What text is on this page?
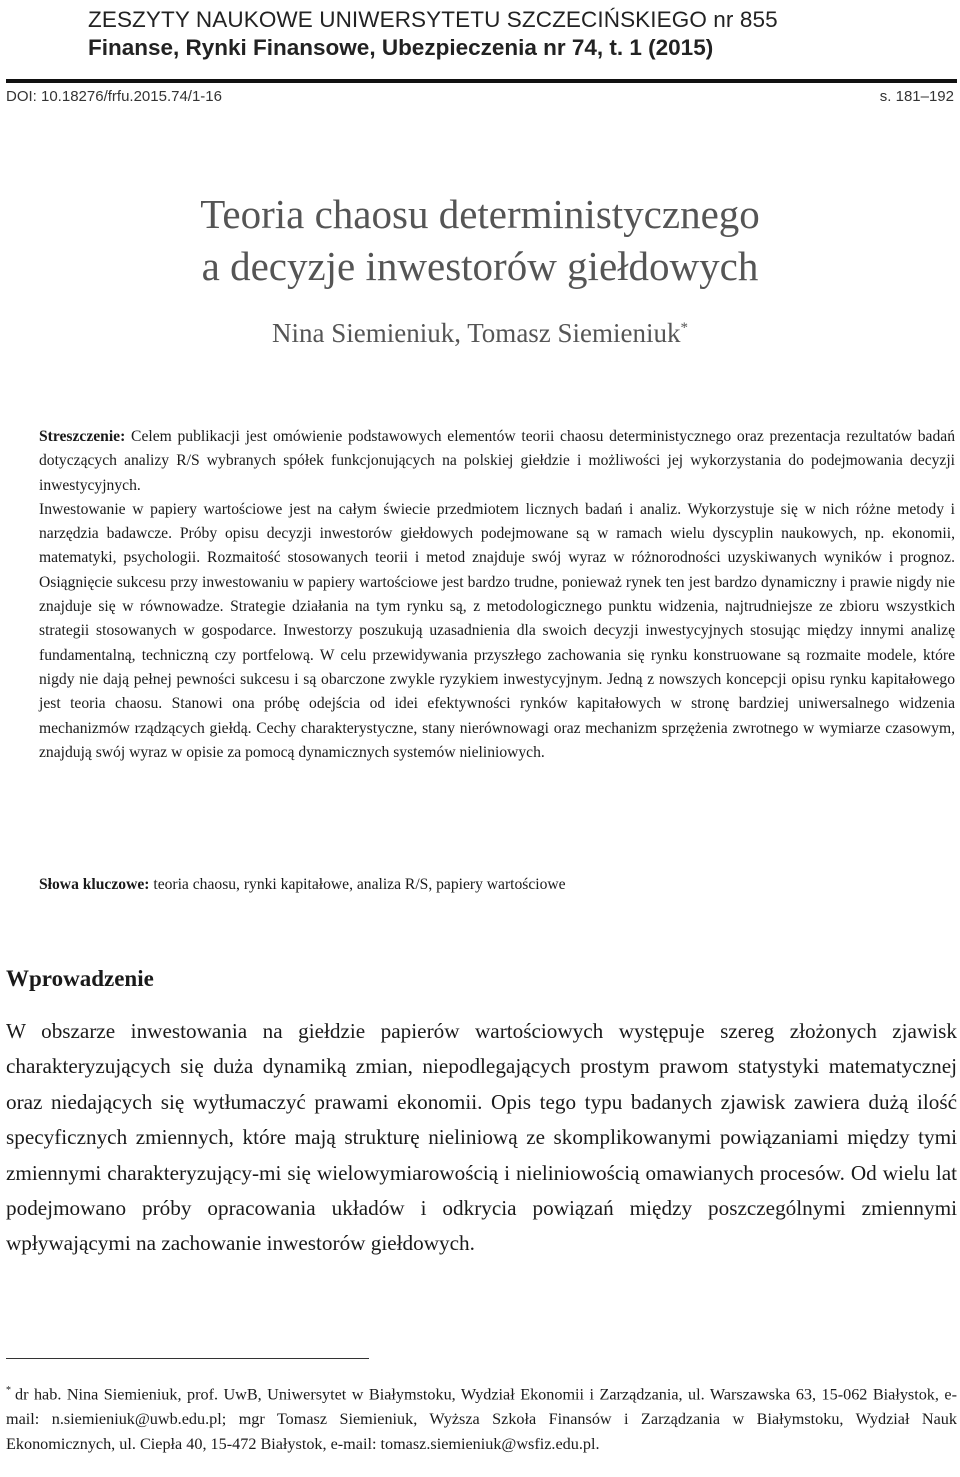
ZESZYTY NAUKOWE UNIWERSYTETU SZCZECIŃSKIEGO nr 855
Finanse, Rynki Finansowe, Ubezpieczenia nr 74, t. 1 (2015)
DOI: 10.18276/frfu.2015.74/1-16	s. 181–192
Teoria chaosu deterministycznego
a decyzje inwestorów giełdowych
Nina Siemieniuk, Tomasz Siemieniuk*

Streszczenie: Celem publikacji jest omówienie podstawowych elementów teorii chaosu deterministycznego oraz prezentacja rezultatów badań dotyczących analizy R/S wybranych spółek funkcjonujących na polskiej giełdzie i możliwości jej wykorzystania do podejmowania decyzji inwestycyjnych.

Inwestowanie w papiery wartościowe jest na całym świecie przedmiotem licznych badań i analiz. Wykorzystuje się w nich różne metody i narzędzia badawcze. Próby opisu decyzji inwestorów giełdowych podejmowane są w ramach wielu dyscyplin naukowych, np. ekonomii, matematyki, psychologii. Rozmaitość stosowanych teorii i metod znajduje swój wyraz w różnorodności uzyskiwanych wyników i prognoz. Osiągnięcie sukcesu przy inwestowaniu w papiery wartościowe jest bardzo trudne, ponieważ rynek ten jest bardzo dynamiczny i prawie nigdy nie znajduje się w równowadze. Strategie działania na tym rynku są, z metodologicznego punktu widzenia, najtrudniejsze ze zbioru wszystkich strategii stosowanych w gospodarce. Inwestorzy poszukują uzasadnienia dla swoich decyzji inwestycyjnych stosując między innymi analizę fundamentalną, techniczną czy portfelową. W celu przewidywania przyszłego zachowania się rynku konstruowane są rozmaite modele, które nigdy nie dają pełnej pewności sukcesu i są obarczone zwykle ryzykiem inwestycyjnym. Jedną z nowszych koncepcji opisu rynku kapitałowego jest teoria chaosu. Stanowi ona próbę odejścia od idei efektywności rynków kapitałowych w stronę bardziej uniwersalnego widzenia mechanizmów rządzących giełdą. Cechy charakterystyczne, stany nierównowagi oraz mechanizm sprzężenia zwrotnego w wymiarze czasowym, znajdują swój wyraz w opisie za pomocą dynamicznych systemów nieliniowych.

Słowa kluczowe: teoria chaosu, rynki kapitałowe, analiza R/S, papiery wartościowe
Wprowadzenie

W obszarze inwestowania na giełdzie papierów wartościowych występuje szereg złożonych zjawisk charakteryzujących się duża dynamiką zmian, niepodlegających prostym prawom statystyki matematycznej oraz niedających się wytłumaczyć prawami ekonomii. Opis tego typu badanych zjawisk zawiera dużą ilość specyficznych zmiennych, które mają strukturę nieliniową ze skomplikowanymi powiązaniami między tymi zmiennymi charakteryzujący-mi się wielowymiarowością i nieliniowością omawianych procesów. Od wielu lat podejmowano próby opracowania układów i odkrycia powiązań między poszczególnymi zmiennymi wpływającymi na zachowanie inwestorów giełdowych.

* dr hab. Nina Siemieniuk, prof. UwB, Uniwersytet w Białymstoku, Wydział Ekonomii i Zarządzania, ul. Warszawska 63, 15-062 Białystok, e-mail: n.siemieniuk@uwb.edu.pl; mgr Tomasz Siemieniuk, Wyższa Szkoła Finansów i Zarządzania w Białymstoku, Wydział Nauk Ekonomicznych, ul. Ciepła 40, 15-472 Białystok, e-mail: tomasz.siemieniuk@wsfiz.edu.pl.
